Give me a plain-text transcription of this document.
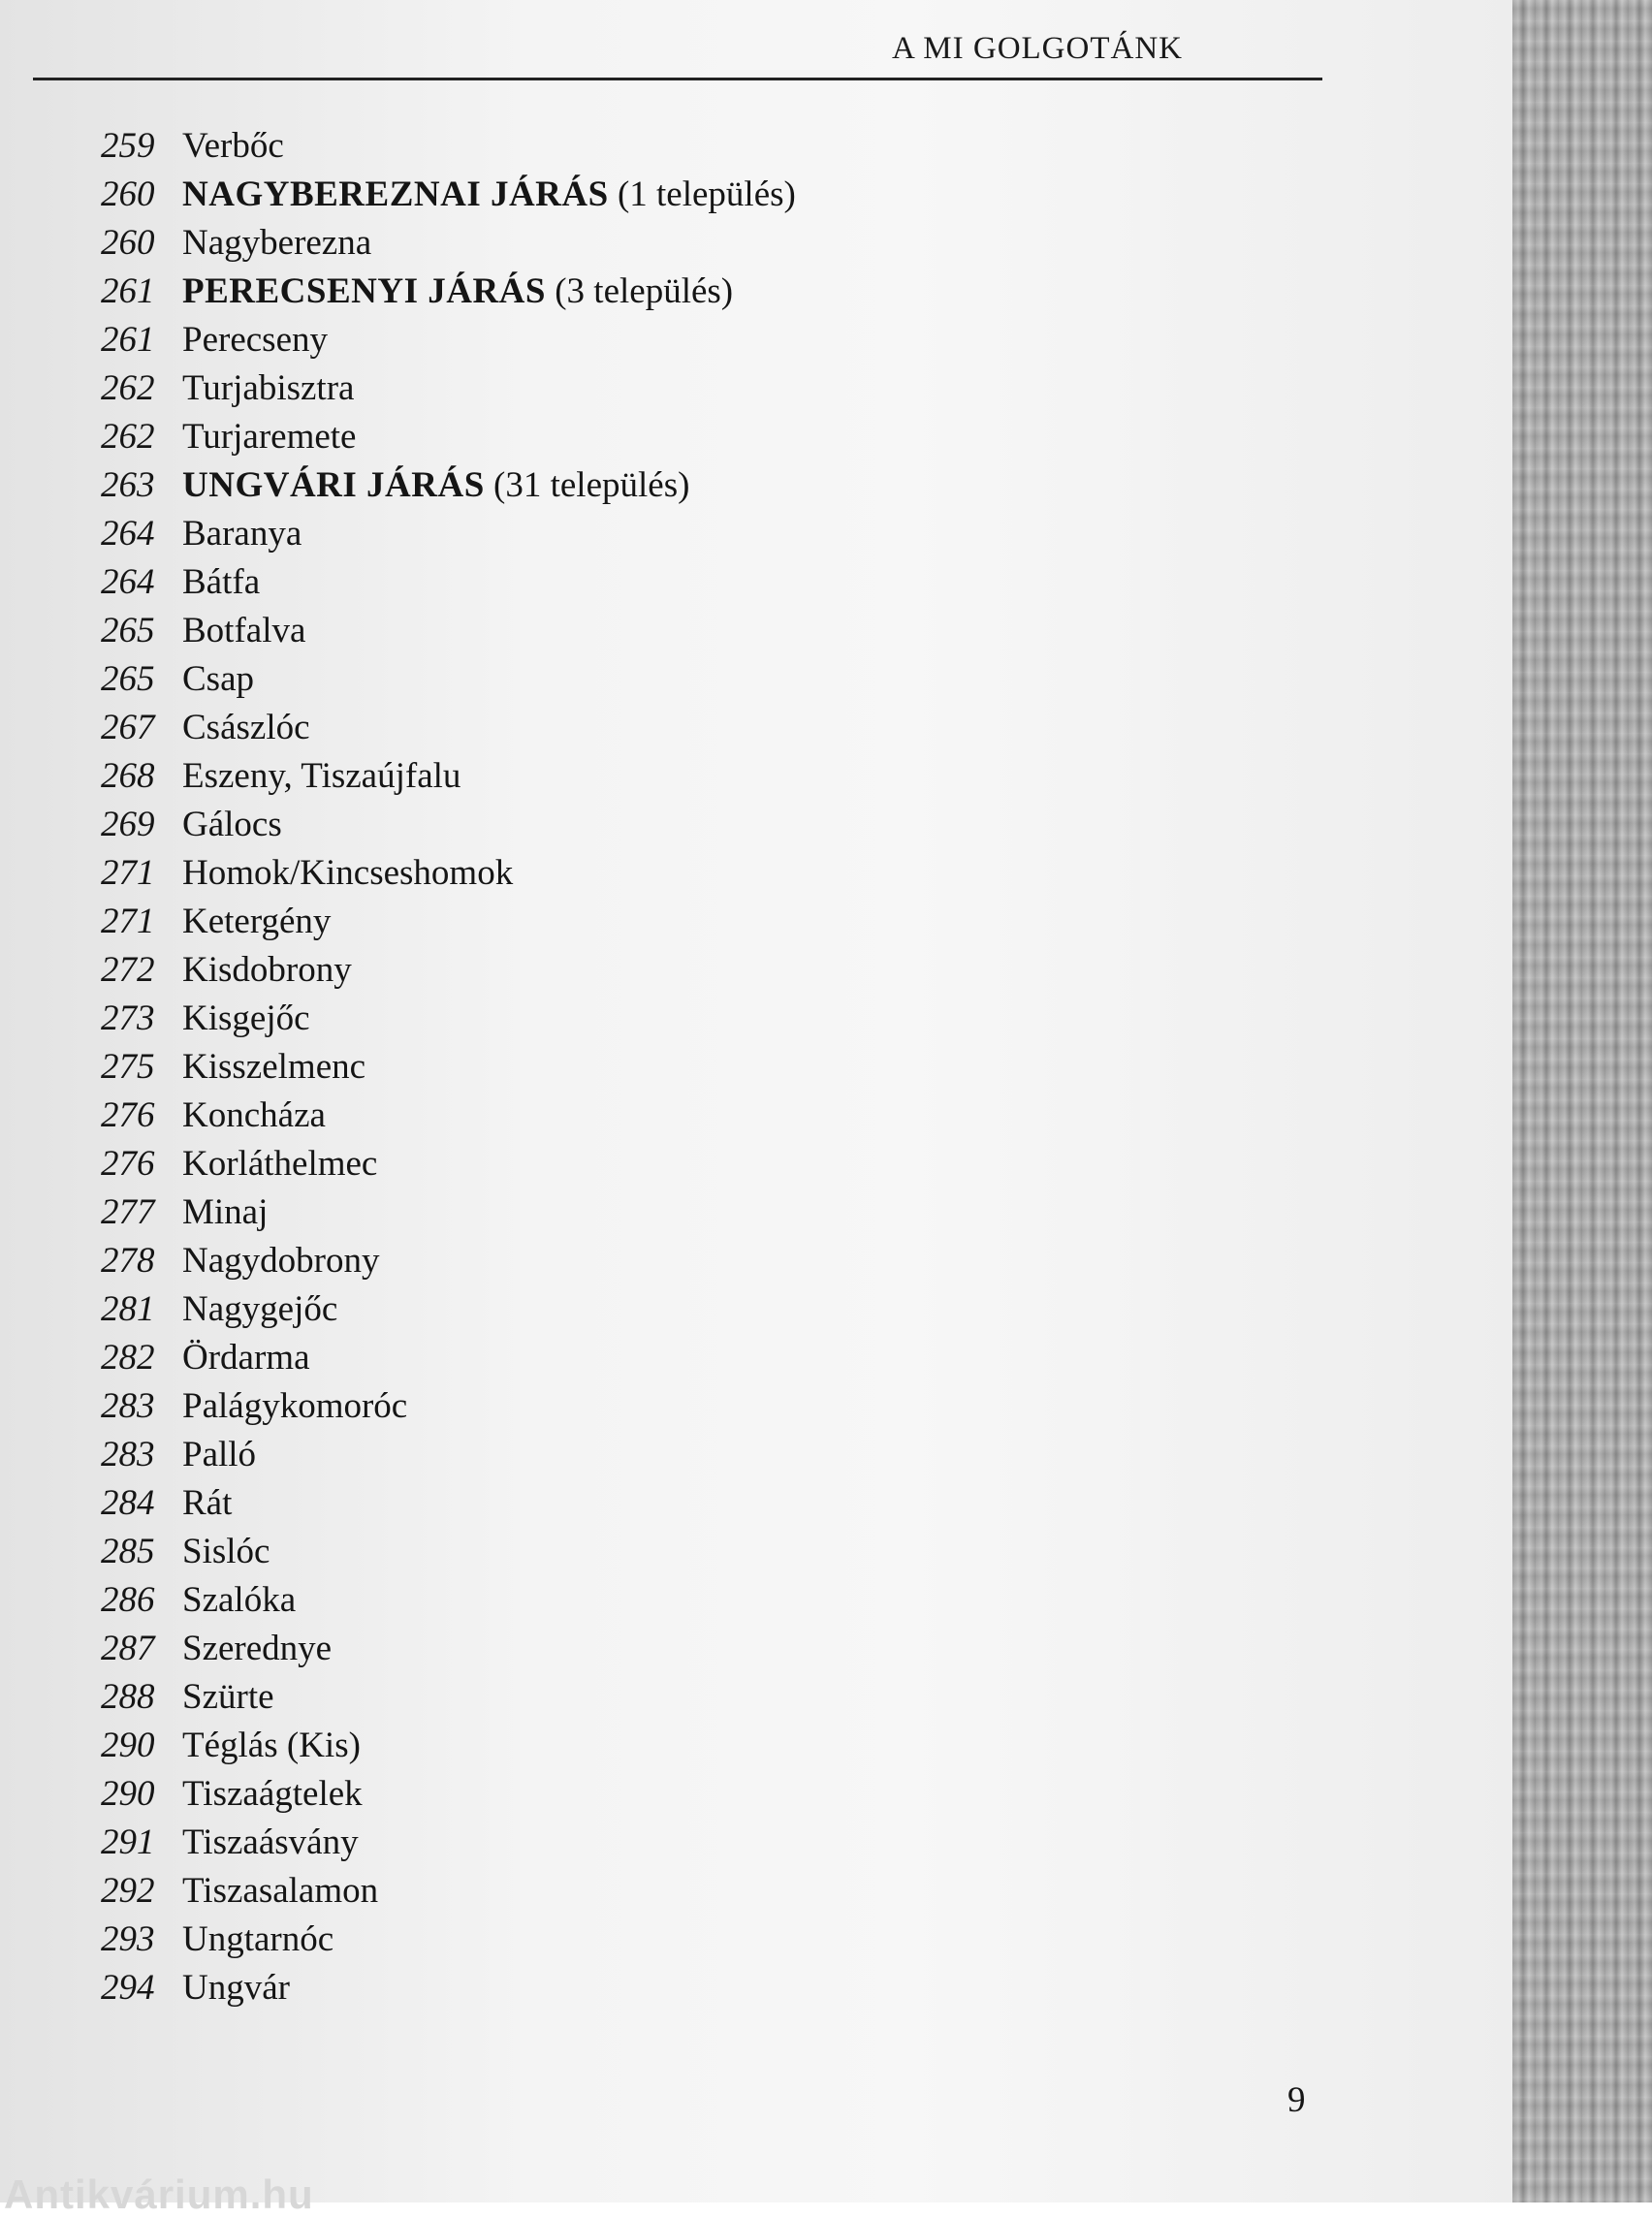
A MI GOLGOTÁNK
259 Verbőc
260 NAGYBEREZNAI JÁRÁS (1 település)
260 Nagyberezna
261 PERECSENYI JÁRÁS (3 település)
261 Perecseny
262 Turjabisztra
262 Turjaremete
263 UNGVÁRI JÁRÁS (31 település)
264 Baranya
264 Bátfa
265 Botfalva
265 Csap
267 Császlóc
268 Eszeny, Tiszaújfalu
269 Gálocs
271 Homok/Kincseshomok
271 Ketergény
272 Kisdobrony
273 Kisgejőc
275 Kisszelmenc
276 Koncháza
276 Korláthelmec
277 Minaj
278 Nagydobrony
281 Nagygejőc
282 Ördarma
283 Palágykomoróc
283 Palló
284 Rát
285 Sislóc
286 Szalóka
287 Szerednye
288 Szürte
290 Téglás (Kis)
290 Tiszaágtelek
291 Tiszaásvány
292 Tiszasalamon
293 Ungtarnóc
294 Ungvár
9
Antikvárium.hu
